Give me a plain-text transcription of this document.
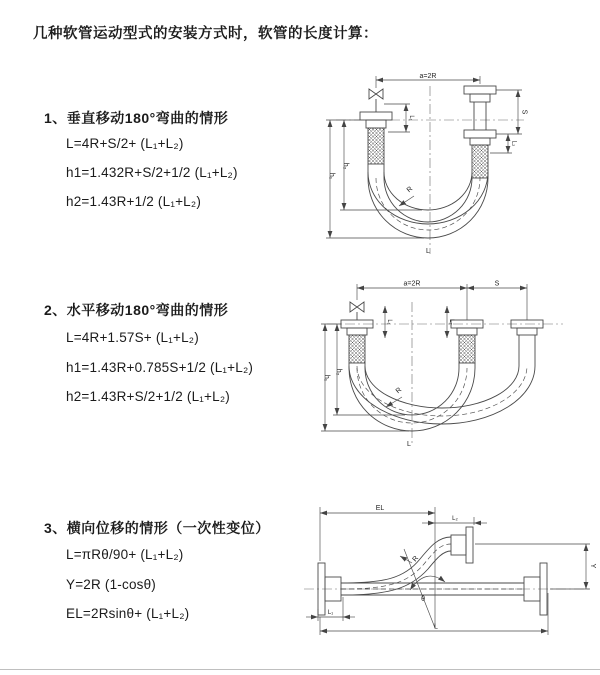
几种软管运动型式的安装方式时，软管的长度计算：
1、垂直移动180°弯曲的情形
L=4R+S/2+ (L₁+L₂)
h1=1.432R+S/2+1/2 (L₁+L₂)
h2=1.43R+1/2 (L₁+L₂)
2、水平移动180°弯曲的情形
L=4R+1.57S+ (L₁+L₂)
h1=1.43R+0.785S+1/2 (L₁+L₂)
h2=1.43R+S/2+1/2 (L₁+L₂)
3、横向位移的情形（一次性变位）
L=πRθ/90+ (L₁+L₂)
Y=2R (1-cosθ)
EL=2Rsinθ+ (L₁+L₂)
a=2R
S
L₂
h₁
h₂
L₁
R
L
a=2R	S
h₁
h₂
L₁	L₂
R
L
EL
L₂
Y
L
L₁
R
θ
